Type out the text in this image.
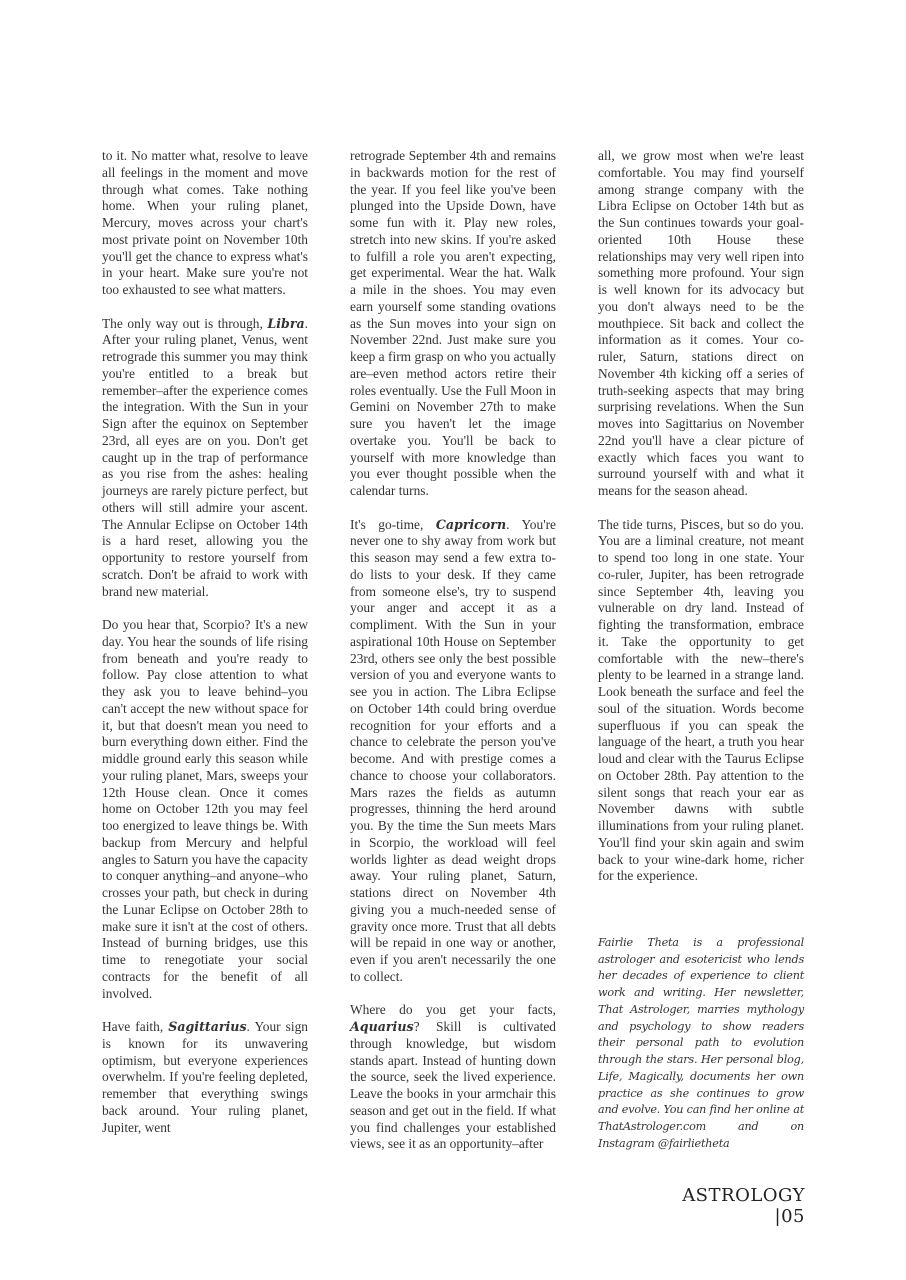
to it. No matter what, resolve to leave all feelings in the moment and move through what comes. Take nothing home. When your ruling planet, Mercury, moves across your chart's most private point on November 10th you'll get the chance to express what's in your heart. Make sure you're not too exhausted to see what matters.

The only way out is through, Libra. After your ruling planet, Venus, went retrograde this summer you may think you're entitled to a break but remember–after the experience comes the integration. With the Sun in your Sign after the equinox on September 23rd, all eyes are on you. Don't get caught up in the trap of performance as you rise from the ashes: healing journeys are rarely picture perfect, but others will still admire your ascent. The Annular Eclipse on October 14th is a hard reset, allowing you the opportunity to restore yourself from scratch. Don't be afraid to work with brand new material.

Do you hear that, Scorpio? It's a new day. You hear the sounds of life rising from beneath and you're ready to follow. Pay close attention to what they ask you to leave behind–you can't accept the new without space for it, but that doesn't mean you need to burn everything down either. Find the middle ground early this season while your ruling planet, Mars, sweeps your 12th House clean. Once it comes home on October 12th you may feel too energized to leave things be. With backup from Mercury and helpful angles to Saturn you have the capacity to conquer anything–and anyone–who crosses your path, but check in during the Lunar Eclipse on October 28th to make sure it isn't at the cost of others. Instead of burning bridges, use this time to renegotiate your social contracts for the benefit of all involved.

Have faith, Sagittarius. Your sign is known for its unwavering optimism, but everyone experiences overwhelm. If you're feeling depleted, remember that everything swings back around. Your ruling planet, Jupiter, went

retrograde September 4th and remains in backwards motion for the rest of the year. If you feel like you've been plunged into the Upside Down, have some fun with it. Play new roles, stretch into new skins. If you're asked to fulfill a role you aren't expecting, get experimental. Wear the hat. Walk a mile in the shoes. You may even earn yourself some standing ovations as the Sun moves into your sign on November 22nd. Just make sure you keep a firm grasp on who you actually are–even method actors retire their roles eventually. Use the Full Moon in Gemini on November 27th to make sure you haven't let the image overtake you. You'll be back to yourself with more knowledge than you ever thought possible when the calendar turns.

It's go-time, Capricorn. You're never one to shy away from work but this season may send a few extra to-do lists to your desk. If they came from someone else's, try to suspend your anger and accept it as a compliment. With the Sun in your aspirational 10th House on September 23rd, others see only the best possible version of you and everyone wants to see you in action. The Libra Eclipse on October 14th could bring overdue recognition for your efforts and a chance to celebrate the person you've become. And with prestige comes a chance to choose your collaborators. Mars razes the fields as autumn progresses, thinning the herd around you. By the time the Sun meets Mars in Scorpio, the workload will feel worlds lighter as dead weight drops away. Your ruling planet, Saturn, stations direct on November 4th giving you a much-needed sense of gravity once more. Trust that all debts will be repaid in one way or another, even if you aren't necessarily the one to collect.

Where do you get your facts, Aquarius? Skill is cultivated through knowledge, but wisdom stands apart. Instead of hunting down the source, seek the lived experience. Leave the books in your armchair this season and get out in the field. If what you find challenges your established views, see it as an opportunity–after

all, we grow most when we're least comfortable. You may find yourself among strange company with the Libra Eclipse on October 14th but as the Sun continues towards your goal-oriented 10th House these relationships may very well ripen into something more profound. Your sign is well known for its advocacy but you don't always need to be the mouthpiece. Sit back and collect the information as it comes. Your co-ruler, Saturn, stations direct on November 4th kicking off a series of truth-seeking aspects that may bring surprising revelations. When the Sun moves into Sagittarius on November 22nd you'll have a clear picture of exactly which faces you want to surround yourself with and what it means for the season ahead.

The tide turns, Pisces, but so do you. You are a liminal creature, not meant to spend too long in one state. Your co-ruler, Jupiter, has been retrograde since September 4th, leaving you vulnerable on dry land. Instead of fighting the transformation, embrace it. Take the opportunity to get comfortable with the new–there's plenty to be learned in a strange land. Look beneath the surface and feel the soul of the situation. Words become superfluous if you can speak the language of the heart, a truth you hear loud and clear with the Taurus Eclipse on October 28th. Pay attention to the silent songs that reach your ear as November dawns with subtle illuminations from your ruling planet. You'll find your skin again and swim back to your wine-dark home, richer for the experience.

Fairlie Theta is a professional astrologer and esotericist who lends her decades of experience to client work and writing. Her newsletter, That Astrologer, marries mythology and psychology to show readers their personal path to evolution through the stars. Her personal blog, Life, Magically, documents her own practice as she continues to grow and evolve. You can find her online at ThatAstrologer.com and on Instagram @fairlietheta

ASTROLOGY |05
